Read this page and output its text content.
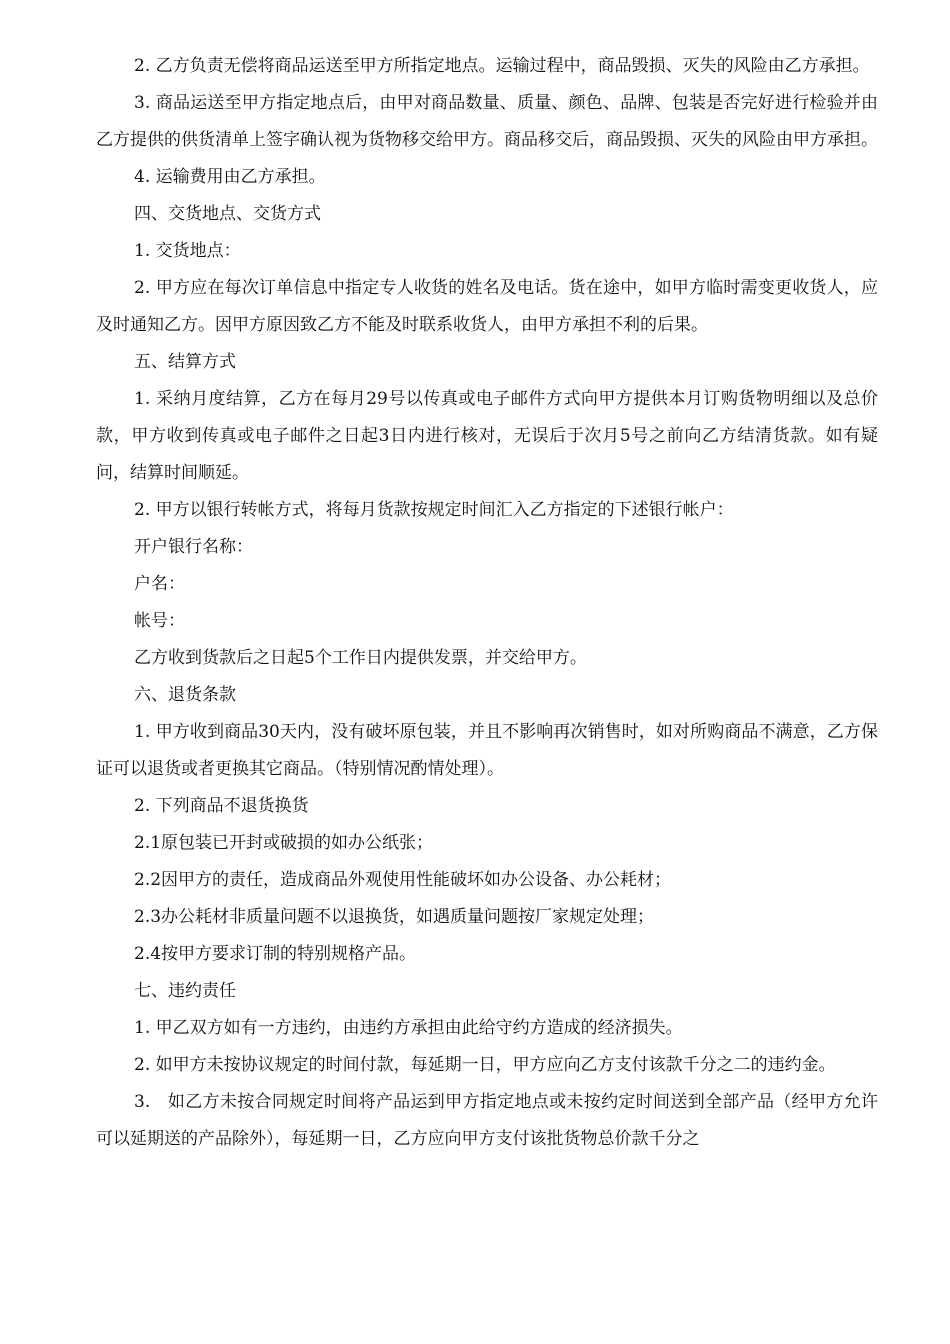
2. 乙方负责无偿将商品运送至甲方所指定地点。运输过程中，商品毁损、灭失的风险由乙方承担。

3. 商品运送至甲方指定地点后，由甲对商品数量、质量、颜色、品牌、包装是否完好进行检验并由乙方提供的供货清单上签字确认视为货物移交给甲方。商品移交后，商品毁损、灭失的风险由甲方承担。

4. 运输费用由乙方承担。

四、交货地点、交货方式

1. 交货地点：

2. 甲方应在每次订单信息中指定专人收货的姓名及电话。货在途中，如甲方临时需变更收货人，应及时通知乙方。因甲方原因致乙方不能及时联系收货人，由甲方承担不利的后果。

五、结算方式

1. 采纳月度结算，乙方在每月29号以传真或电子邮件方式向甲方提供本月订购货物明细以及总价款，甲方收到传真或电子邮件之日起3日内进行核对，无误后于次月5号之前向乙方结清货款。如有疑问，结算时间顺延。

2. 甲方以银行转帐方式，将每月货款按规定时间汇入乙方指定的下述银行帐户：

开户银行名称：

户名：

帐号：

乙方收到货款后之日起5个工作日内提供发票，并交给甲方。

六、退货条款

1. 甲方收到商品30天内，没有破坏原包装，并且不影响再次销售时，如对所购商品不满意，乙方保证可以退货或者更换其它商品。（特别情况酌情处理）。

2. 下列商品不退货换货

2.1原包装已开封或破损的如办公纸张；

2.2因甲方的责任，造成商品外观使用性能破坏如办公设备、办公耗材；

2.3办公耗材非质量问题不以退换货，如遇质量问题按厂家规定处理；

2.4按甲方要求订制的特别规格产品。

七、违约责任

1. 甲乙双方如有一方违约，由违约方承担由此给守约方造成的经济损失。

2. 如甲方未按协议规定的时间付款，每延期一日，甲方应向乙方支付该款千分之二的违约金。

3.　如乙方未按合同规定时间将产品运到甲方指定地点或未按约定时间送到全部产品（经甲方允许可以延期送的产品除外），每延期一日，乙方应向甲方支付该批货物总价款千分之
